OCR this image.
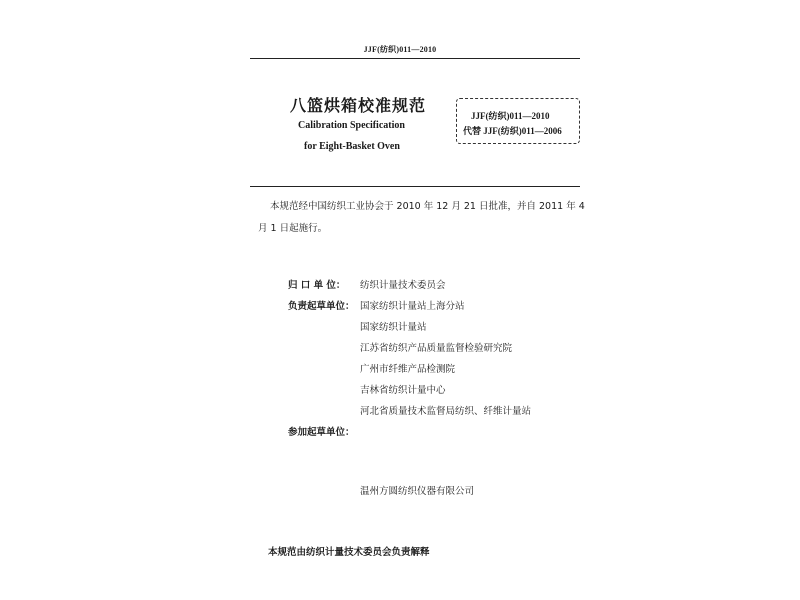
JJF(纺织)011—2010
八篮烘箱校准规范
Calibration Specification
for Eight-Basket Oven
JJF(纺织)011—2010
代替 JJF(纺织)011—2006
本规范经中国纺织工业协会于 2010 年 12 月 21 日批准，并自 2011 年 4 月 1 日起施行。
归 口 单 位： 纺织计量技术委员会
负责起草单位： 国家纺织计量站上海分站
国家纺织计量站
江苏省纺织产品质量监督检验研究院
广州市纤维产品检测院
吉林省纺织计量中心
河北省质量技术监督局纺织、纤维计量站
参加起草单位：
温州方圆纺织仪器有限公司
本规范由纺织计量技术委员会负责解释
